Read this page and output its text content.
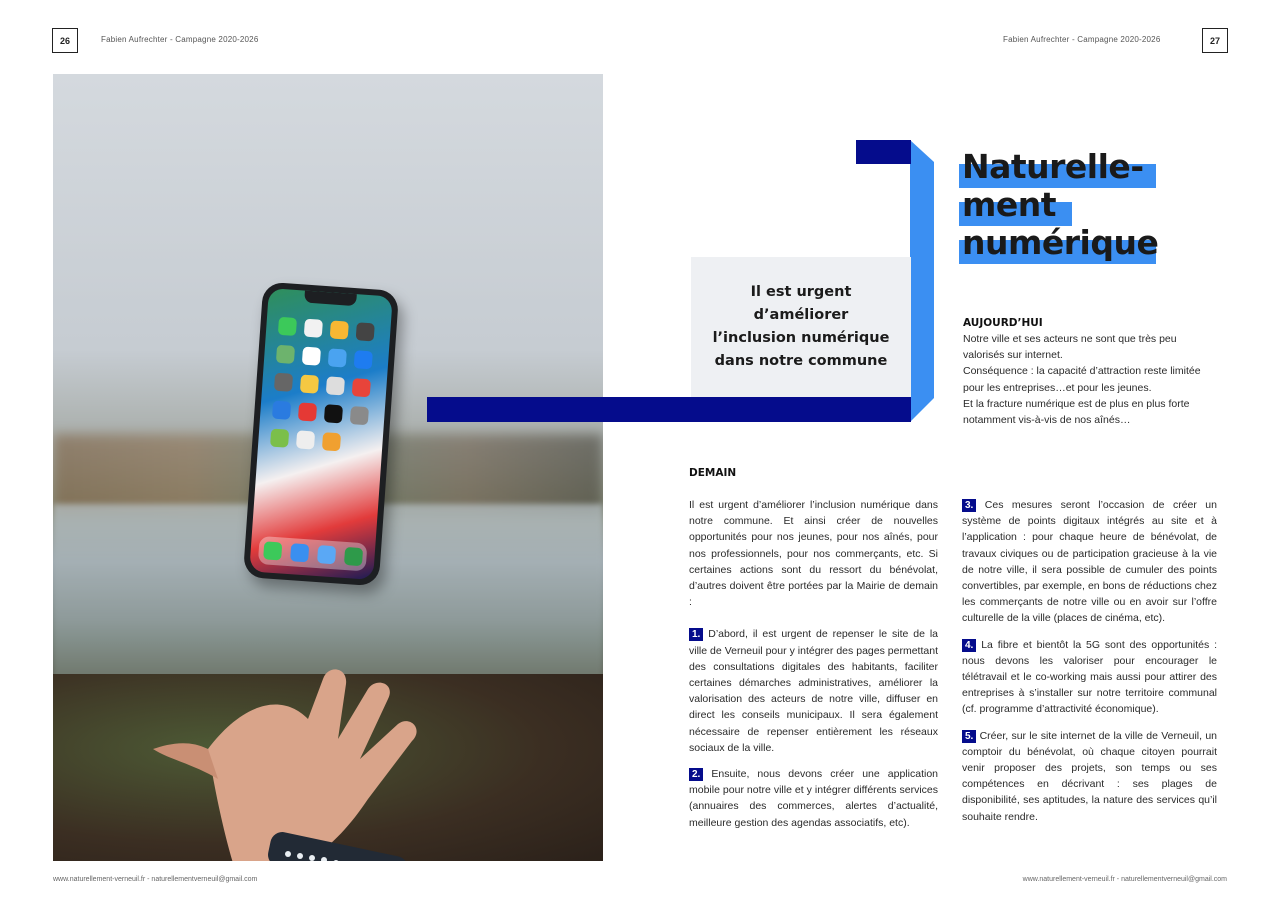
26	Fabien Aufrechter - Campagne 2020-2026	Fabien Aufrechter - Campagne 2020-2026	27

Il est urgent d’améliorer l’inclusion numérique dans notre commune

Naturelle-
ment
numérique
AUJOURD’HUI

Notre ville et ses acteurs ne sont que très peu valorisés sur internet.

Conséquence : la capacité d’attraction reste limitée pour les entreprises…et pour les jeunes.

Et la fracture numérique est de plus en plus forte notamment vis-à-vis de nos aînés…

DEMAIN

Il est urgent d’améliorer l’inclusion numérique dans notre commune. Et ainsi créer de nouvelles opportunités pour nos jeunes, pour nos aînés, pour nos professionnels, pour nos commerçants, etc. Si certaines actions sont du ressort du bénévolat, d’autres doivent être portées par la Mairie de demain :

1. D’abord, il est urgent de repenser le site de la ville de Verneuil pour y intégrer des pages permettant des consultations digitales des habitants, faciliter certaines démarches administratives, améliorer la valorisation des acteurs de notre ville, diffuser en direct les conseils municipaux. Il sera également nécessaire de repenser entièrement les réseaux sociaux de la ville.

2. Ensuite, nous devons créer une application mobile pour notre ville et y intégrer différents services (annuaires des commerces, alertes d’actualité, meilleure gestion des agendas associatifs, etc).

3. Ces mesures seront l’occasion de créer un système de points digitaux intégrés au site et à l’application : pour chaque heure de bénévolat, de travaux civiques ou de participation gracieuse à la vie de notre ville, il sera possible de cumuler des points convertibles, par exemple, en bons de réductions chez les commerçants de notre ville ou en avoir sur l’offre culturelle de la ville (places de cinéma, etc).

4. La fibre et bientôt la 5G sont des opportunités : nous devons les valoriser pour encourager le télétravail et le co-working mais aussi pour attirer des entreprises à s’installer sur notre territoire communal (cf. programme d’attractivité économique).

5. Créer, sur le site internet de la ville de Verneuil, un comptoir du bénévolat, où chaque citoyen pourrait venir proposer des projets, son temps ou ses compétences en décrivant : ses plages de disponibilité, ses aptitudes, la nature des services qu’il souhaite rendre.

www.naturellement-verneuil.fr - naturellementverneuil@gmail.com	www.naturellement-verneuil.fr - naturellementverneuil@gmail.com
